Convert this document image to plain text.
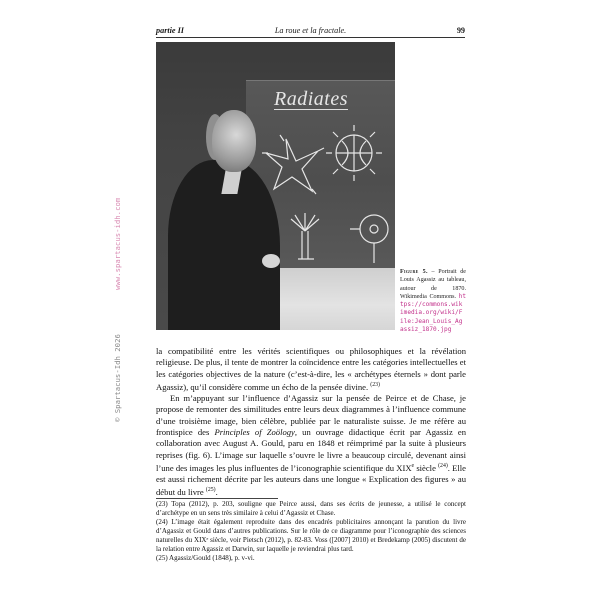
partie II	La roue et la fractale.	99
www.spartacus-idh.com
© Spartacus-Idh 2026
Radiates
Figure 5. – Portrait de Louis Agassiz au tableau, autour de 1870. Wikimedia Commons. https://commons.wikimedia.org/wiki/File:Jean_Louis_Agassiz_1870.jpg

la compatibilité entre les vérités scientifiques ou philosophiques et la révélation religieuse. De plus, il tente de montrer la coïncidence entre les catégories intellectuelles et les catégories objectives de la nature (c’est-à-dire, les « archétypes éternels » dont parle Agassiz), qu’il considère comme un écho de la pensée divine. $^{(23)}$

En m’appuyant sur l’influence d’Agassiz sur la pensée de Peirce et de Chase, je propose de remonter des similitudes entre leurs deux diagrammes à l’influence commune d’une troisième image, bien célèbre, publiée par le naturaliste suisse. Je me réfère au frontispice des Principles of Zoölogy, un ouvrage didactique écrit par Agassiz en collaboration avec August A. Gould, paru en 1848 et réimprimé par la suite à plusieurs reprises (fig. 6). L’image sur laquelle s’ouvre le livre a beaucoup circulé, devenant ainsi l’une des images les plus influentes de l’iconographie scientifique du XIXe siècle $^{(24)}$. Elle est aussi richement décrite par les auteurs dans une longue « Explication des figures » au début du livre $^{(25)}$.

(23) Topa (2012), p. 203, souligne que Peirce aussi, dans ses écrits de jeunesse, a utilisé le concept d’archétype en un sens très similaire à celui d’Agassiz et Chase.

(24) L’image était également reproduite dans des encadrés publicitaires annonçant la parution du livre d’Agassiz et Gould dans d’autres publications. Sur le rôle de ce diagramme pour l’iconographie des sciences naturelles du XIXᵉ siècle, voir Pietsch (2012), p. 82-83. Voss ([2007] 2010) et Bredekamp (2005) discutent de la relation entre Agassiz et Darwin, sur laquelle je reviendrai plus tard.

(25) Agassiz/Gould (1848), p. v-vi.
